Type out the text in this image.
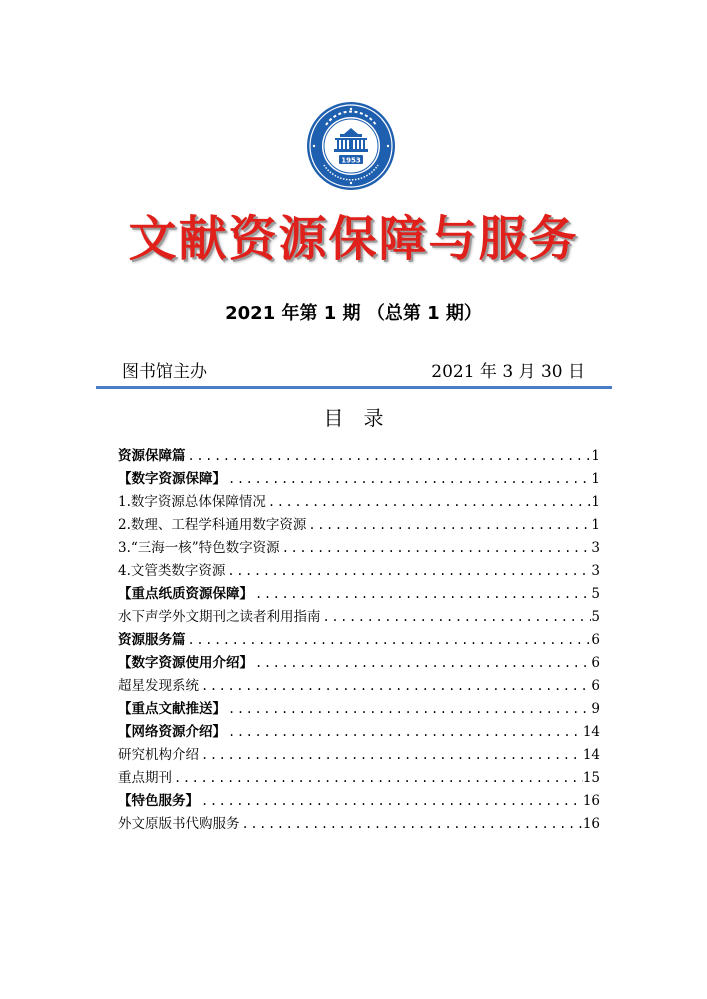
1953
文献资源保障与服务
2021 年第 1 期 （总第 1 期）
图书馆主办	2021 年 3 月 30 日
目录
资源保障篇 .....	1
【数字资源保障】 .....	1
1.数字资源总体保障情况 .....	1
2.数理、工程学科通用数字资源 .....	1
3.“三海一核”特色数字资源 .....	3
4.文管类数字资源 .....	3
【重点纸质资源保障】 .....	5
水下声学外文期刊之读者利用指南 .....	5
资源服务篇 .....	6
【数字资源使用介绍】 .....	6
超星发现系统 .....	6
【重点文献推送】 .....	9
【网络资源介绍】 .....	14
研究机构介绍 .....	14
重点期刊 .....	15
【特色服务】 .....	16
外文原版书代购服务 .....	16
